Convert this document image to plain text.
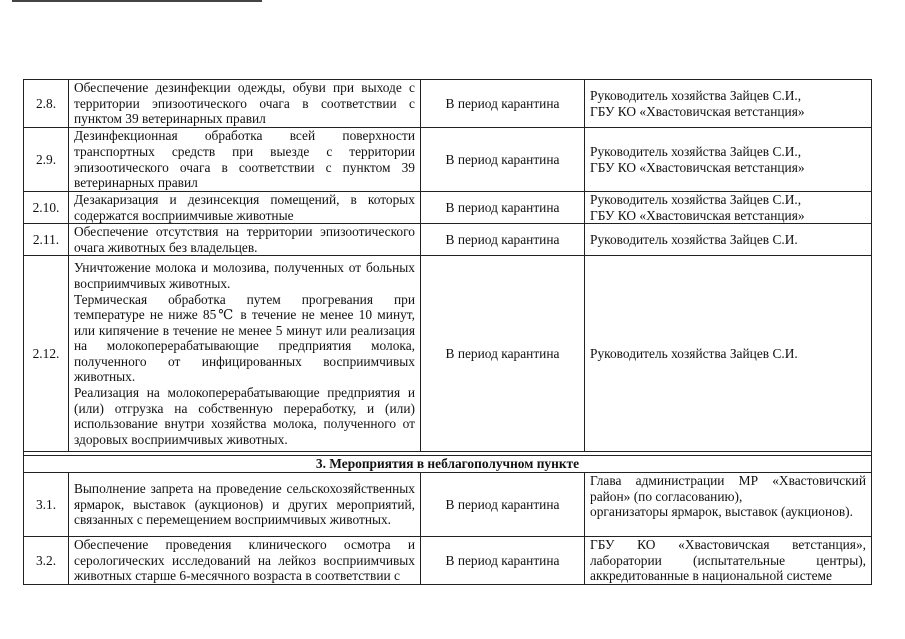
2.8.	Обеспечение дезинфекции одежды, обуви при выходе с территории эпизоотического очага в соответствии с пунктом 39 ветеринарных правил	В период карантина	Руководитель хозяйства Зайцев С.И.,
ГБУ КО «Хвастовичская ветстанция»

2.9.	Дезинфекционная обработка всей поверхности транспортных средств при выезде с территории эпизоотического очага в соответствии с пунктом 39 ветеринарных правил	В период карантина	Руководитель хозяйства Зайцев С.И.,
ГБУ КО «Хвастовичская ветстанция»

2.10.	Дезакаризация и дезинсекция помещений, в которых содержатся восприимчивые животные	В период карантина	Руководитель хозяйства Зайцев С.И.,
ГБУ КО «Хвастовичская ветстанция»

2.11.	Обеспечение отсутствия на территории эпизоотического очага животных без владельцев.	В период карантина	Руководитель хозяйства Зайцев С.И.

2.12.	Уничтожение молока и молозива, полученных от больных восприимчивых животных.
Термическая обработка путем прогревания при температуре не ниже 85℃ в течение не менее 10 минут, или кипячение в течение не менее 5 минут или реализация на молокоперерабатывающие предприятия молока, полученного от инфицированных восприимчивых животных.
Реализация на молокоперерабатывающие предприятия и (или) отгрузка на собственную переработку, и (или) использование внутри хозяйства молока, полученного от здоровых восприимчивых животных.	В период карантина	Руководитель хозяйства Зайцев С.И.

3. Мероприятия в неблагополучном пункте			
3.1.	Выполнение запрета на проведение сельскохозяйственных ярмарок, выставок (аукционов) и других мероприятий, связанных с перемещением восприимчивых животных.	В период карантина	Глава администрации МР «Хвастовичский район» (по согласованию),
организаторы ярмарок, выставок (аукционов).

3.2.	Обеспечение проведения клинического осмотра и серологических исследований на лейкоз восприимчивых животных старше 6-месячного возраста в соответствии с	В период карантина	ГБУ КО «Хвастовичская ветстанция», лаборатории (испытательные центры), аккредитованные в национальной системе
